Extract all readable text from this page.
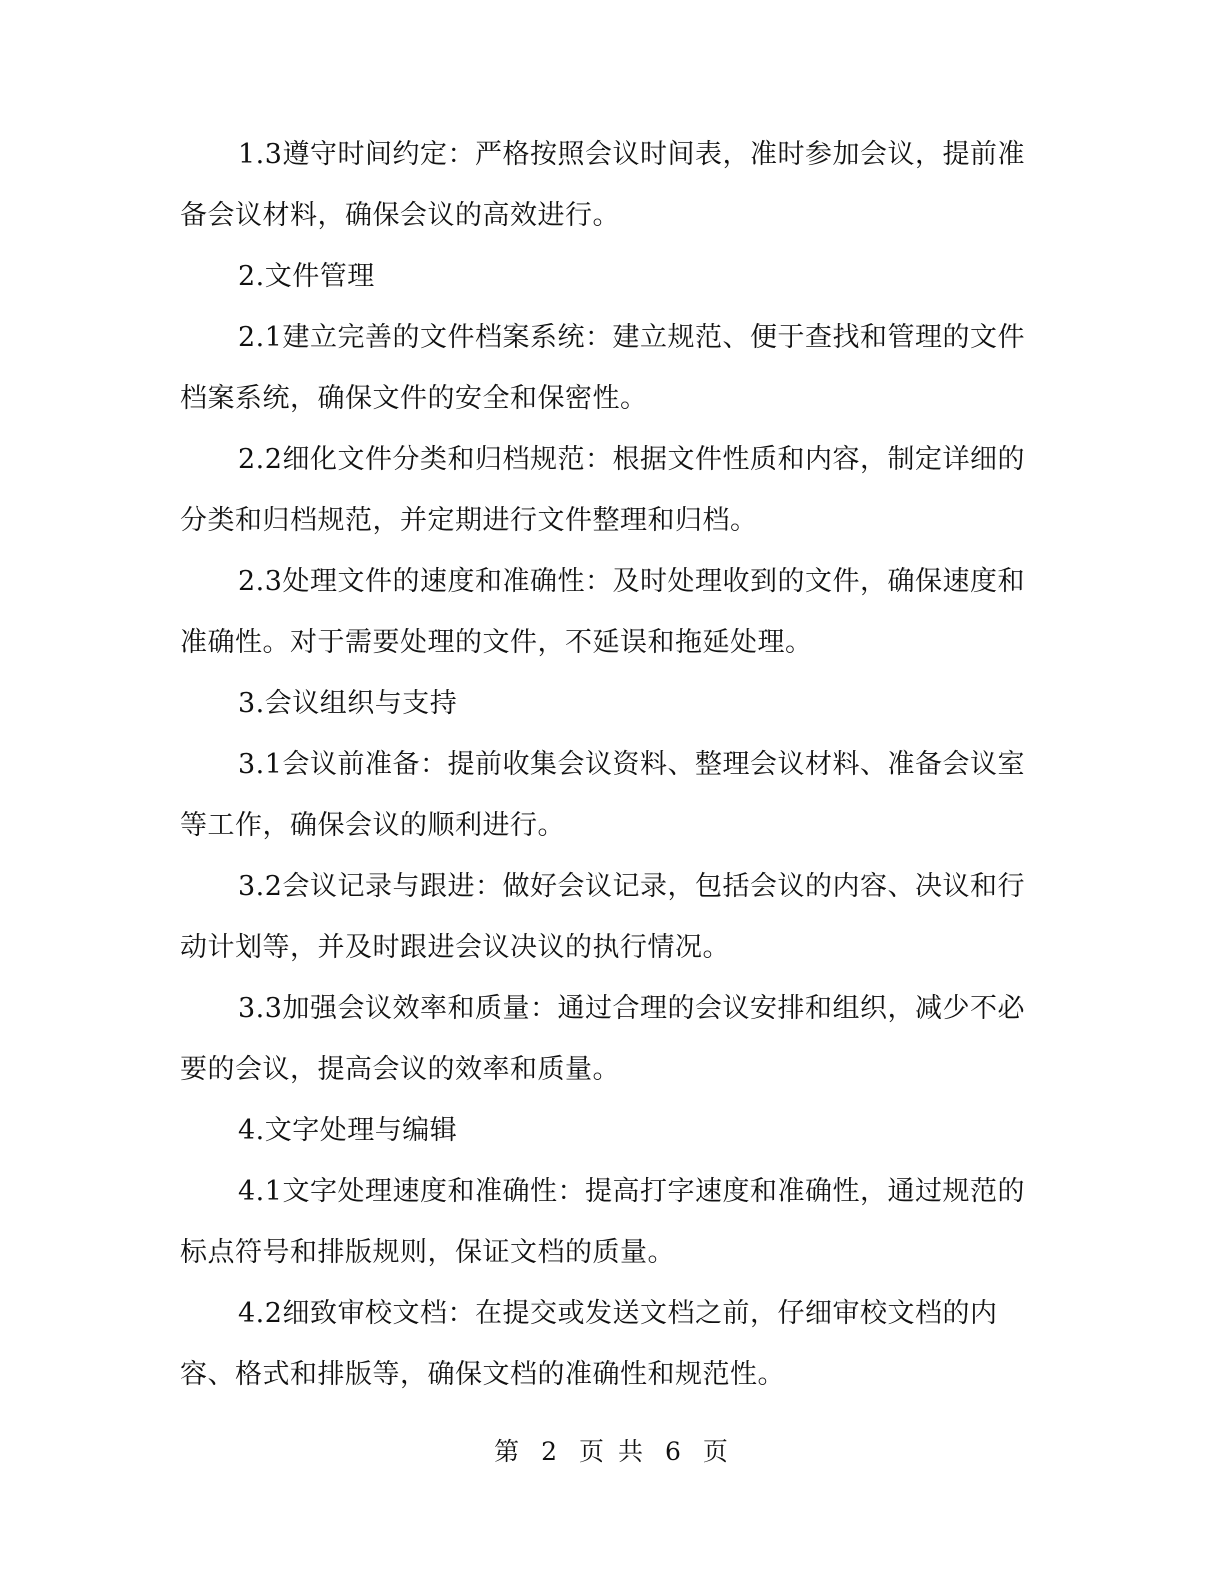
1.3遵守时间约定：严格按照会议时间表，准时参加会议，提前准备会议材料，确保会议的高效进行。

2.文件管理

2.1建立完善的文件档案系统：建立规范、便于查找和管理的文件档案系统，确保文件的安全和保密性。

2.2细化文件分类和归档规范：根据文件性质和内容，制定详细的分类和归档规范，并定期进行文件整理和归档。

2.3处理文件的速度和准确性：及时处理收到的文件，确保速度和准确性。对于需要处理的文件，不延误和拖延处理。

3.会议组织与支持

3.1会议前准备：提前收集会议资料、整理会议材料、准备会议室等工作，确保会议的顺利进行。

3.2会议记录与跟进：做好会议记录，包括会议的内容、决议和行动计划等，并及时跟进会议决议的执行情况。

3.3加强会议效率和质量：通过合理的会议安排和组织，减少不必要的会议，提高会议的效率和质量。

4.文字处理与编辑

4.1文字处理速度和准确性：提高打字速度和准确性，通过规范的标点符号和排版规则，保证文档的质量。

4.2细致审校文档：在提交或发送文档之前，仔细审校文档的内容、格式和排版等，确保文档的准确性和规范性。

第 2 页 共 6 页
